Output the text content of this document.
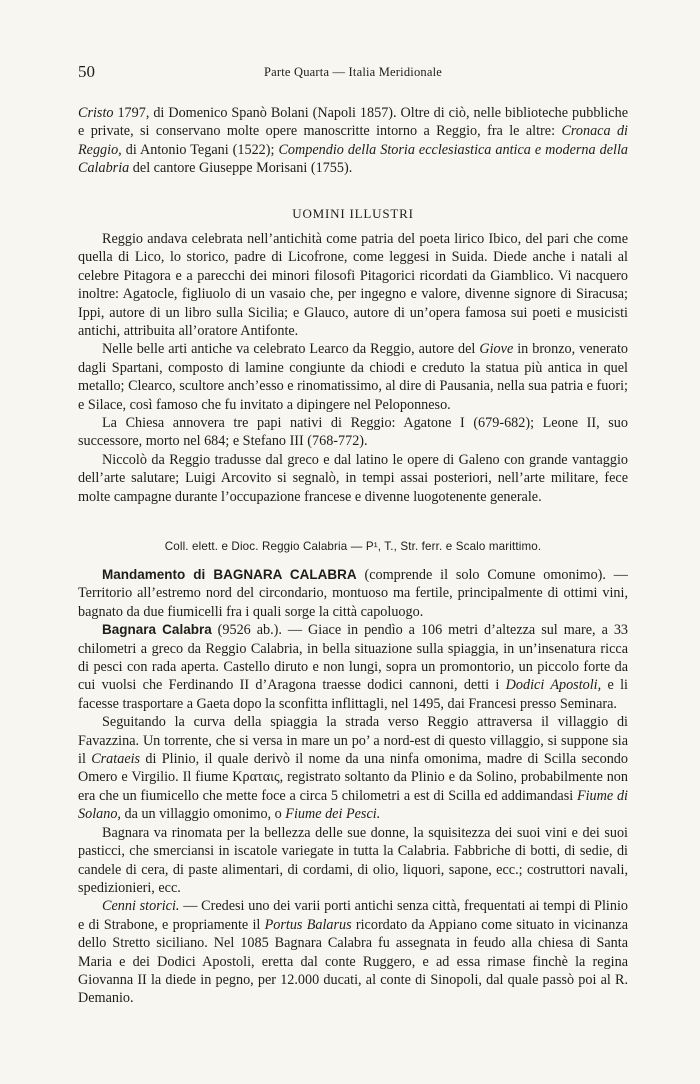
50	Parte Quarta — Italia Meridionale

Cristo 1797, di Domenico Spanò Bolani (Napoli 1857). Oltre di ciò, nelle biblioteche pubbliche e private, si conservano molte opere manoscritte intorno a Reggio, fra le altre: Cronaca di Reggio, di Antonio Tegani (1522); Compendio della Storia ecclesiastica antica e moderna della Calabria del cantore Giuseppe Morisani (1755).

UOMINI ILLUSTRI

Reggio andava celebrata nell’antichità come patria del poeta lirico Ibico, del pari che come quella di Lico, lo storico, padre di Licofrone, come leggesi in Suida. Diede anche i natali al celebre Pitagora e a parecchi dei minori filosofi Pitagorici ricordati da Giamblico. Vi nacquero inoltre: Agatocle, figliuolo di un vasaio che, per ingegno e valore, divenne signore di Siracusa; Ippi, autore di un libro sulla Sicilia; e Glauco, autore di un’opera famosa sui poeti e musicisti antichi, attribuita all’oratore Antifonte.

Nelle belle arti antiche va celebrato Learco da Reggio, autore del Giove in bronzo, venerato dagli Spartani, composto di lamine congiunte da chiodi e creduto la statua più antica in quel metallo; Clearco, scultore anch’esso e rinomatissimo, al dire di Pausania, nella sua patria e fuori; e Silace, così famoso che fu invitato a dipingere nel Peloponneso.

La Chiesa annovera tre papi nativi di Reggio: Agatone I (679-682); Leone II, suo successore, morto nel 684; e Stefano III (768-772).

Niccolò da Reggio tradusse dal greco e dal latino le opere di Galeno con grande vantaggio dell’arte salutare; Luigi Arcovito si segnalò, in tempi assai posteriori, nell’arte militare, fece molte campagne durante l’occupazione francese e divenne luogotenente generale.

Coll. elett. e Dioc. Reggio Calabria — P¹, T., Str. ferr. e Scalo marittimo.

Mandamento di BAGNARA CALABRA (comprende il solo Comune omonimo). — Territorio all’estremo nord del circondario, montuoso ma fertile, principalmente di ottimi vini, bagnato da due fiumicelli fra i quali sorge la città capoluogo.

Bagnara Calabra (9526 ab.). — Giace in pendìo a 106 metri d’altezza sul mare, a 33 chilometri a greco da Reggio Calabria, in bella situazione sulla spiaggia, in un’insenatura ricca di pesci con rada aperta. Castello diruto e non lungi, sopra un promontorio, un piccolo forte da cui vuolsi che Ferdinando II d’Aragona traesse dodici cannoni, detti i Dodici Apostoli, e li facesse trasportare a Gaeta dopo la sconfitta inflittagli, nel 1495, dai Francesi presso Seminara.

Seguitando la curva della spiaggia la strada verso Reggio attraversa il villaggio di Favazzina. Un torrente, che si versa in mare un po’ a nord-est di questo villaggio, si suppone sia il Crataeis di Plinio, il quale derivò il nome da una ninfa omonima, madre di Scilla secondo Omero e Virgilio. Il fiume Κραταις, registrato soltanto da Plinio e da Solino, probabilmente non era che un fiumicello che mette foce a circa 5 chilometri a est di Scilla ed addimandasi Fiume di Solano, da un villaggio omonimo, o Fiume dei Pesci.

Bagnara va rinomata per la bellezza delle sue donne, la squisitezza dei suoi vini e dei suoi pasticci, che smerciansi in iscatole variegate in tutta la Calabria. Fabbriche di botti, di sedie, di candele di cera, di paste alimentari, di cordami, di olio, liquori, sapone, ecc.; costruttori navali, spedizionieri, ecc.

Cenni storici. — Credesi uno dei varii porti antichi senza città, frequentati ai tempi di Plinio e di Strabone, e propriamente il Portus Balarus ricordato da Appiano come situato in vicinanza dello Stretto siciliano. Nel 1085 Bagnara Calabra fu assegnata in feudo alla chiesa di Santa Maria e dei Dodici Apostoli, eretta dal conte Ruggero, e ad essa rimase finchè la regina Giovanna II la diede in pegno, per 12.000 ducati, al conte di Sinopoli, dal quale passò poi al R. Demanio.
